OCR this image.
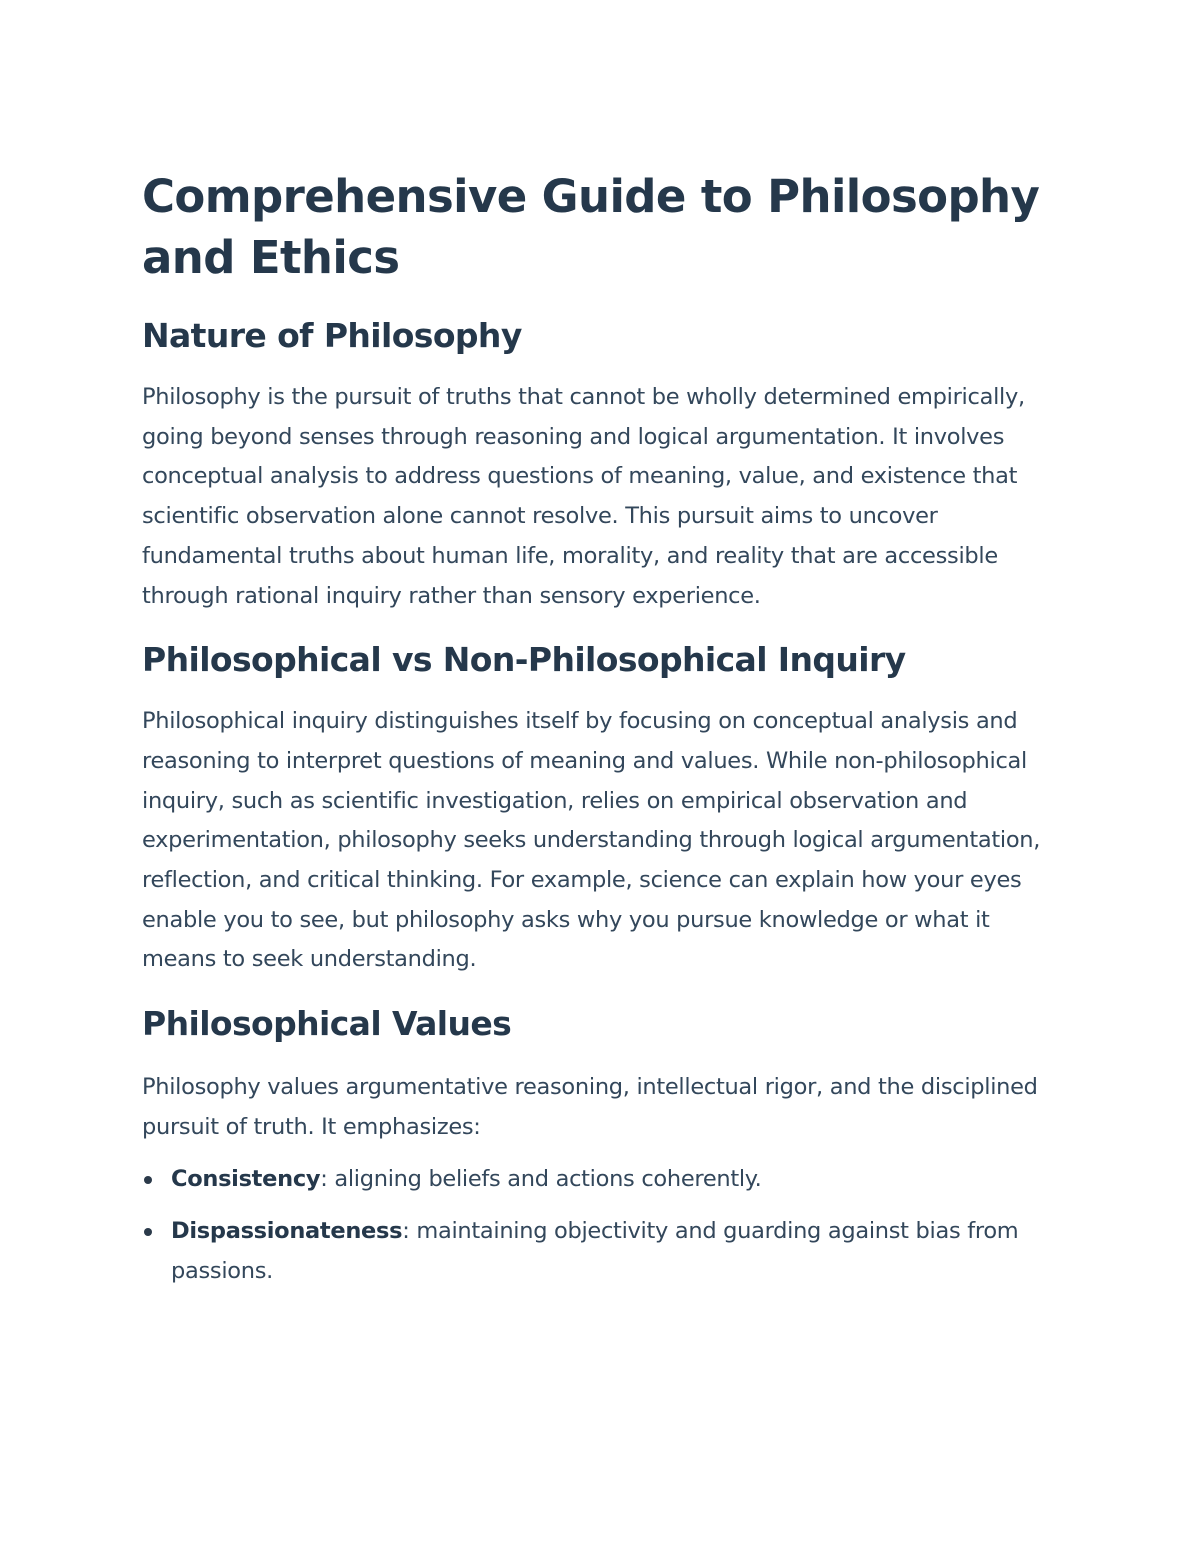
Comprehensive Guide to Philosophy and Ethics
Nature of Philosophy

Philosophy is the pursuit of truths that cannot be wholly determined empirically, going beyond senses through reasoning and logical argumentation. It involves conceptual analysis to address questions of meaning, value, and existence that scientific observation alone cannot resolve. This pursuit aims to uncover fundamental truths about human life, morality, and reality that are accessible through rational inquiry rather than sensory experience.

Philosophical vs Non-Philosophical Inquiry

Philosophical inquiry distinguishes itself by focusing on conceptual analysis and reasoning to interpret questions of meaning and values. While non-philosophical inquiry, such as scientific investigation, relies on empirical observation and experimentation, philosophy seeks understanding through logical argumentation, reflection, and critical thinking. For example, science can explain how your eyes enable you to see, but philosophy asks why you pursue knowledge or what it means to seek understanding.

Philosophical Values

Philosophy values argumentative reasoning, intellectual rigor, and the disciplined pursuit of truth. It emphasizes:

Consistency: aligning beliefs and actions coherently.
Dispassionateness: maintaining objectivity and guarding against bias from passions.
